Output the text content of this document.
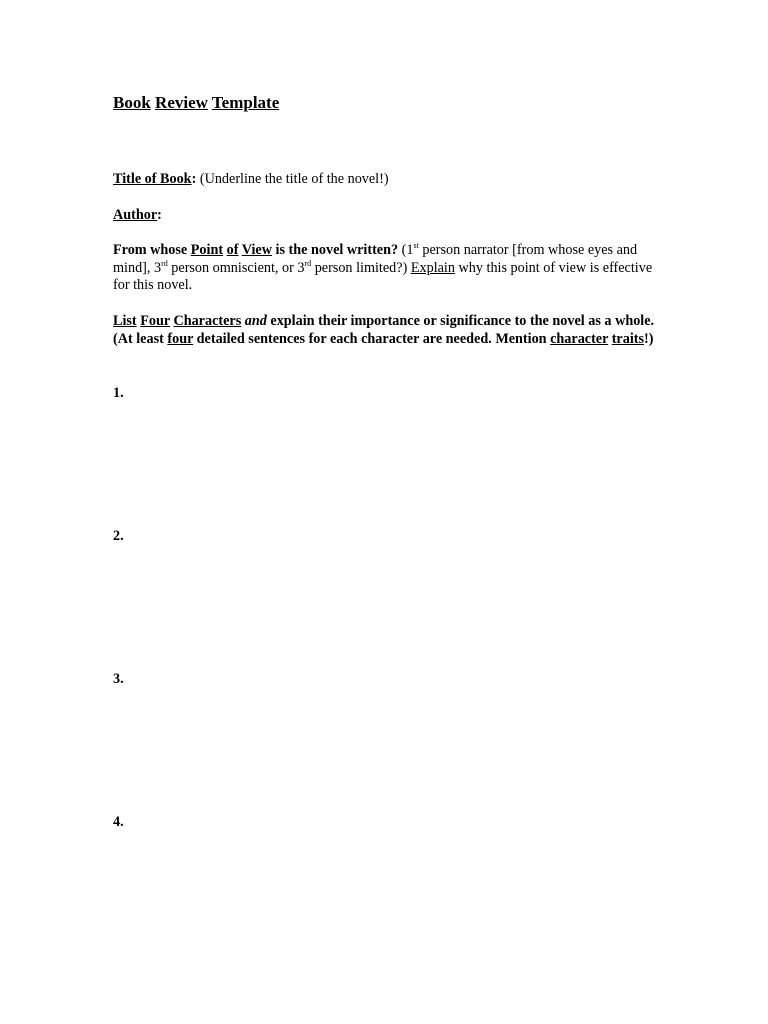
Book Review Template
Title of Book: (Underline the title of the novel!)
Author:
From whose Point of View is the novel written? (1st person narrator [from whose eyes and mind], 3rd person omniscient, or 3rd person limited?) Explain why this point of view is effective for this novel.
List Four Characters and explain their importance or significance to the novel as a whole. (At least four detailed sentences for each character are needed. Mention character traits!)
1.
2.
3.
4.
